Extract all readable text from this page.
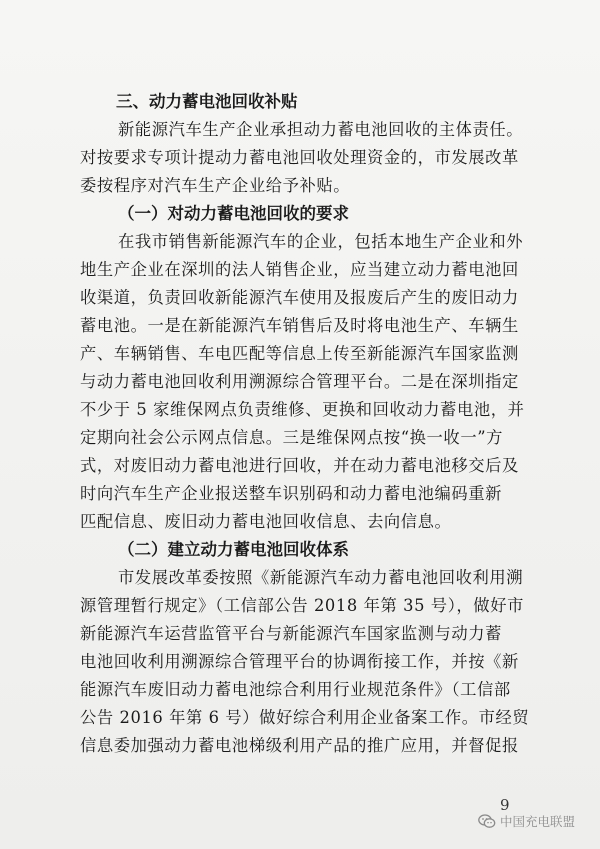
三、动力蓄电池回收补贴
新能源汽车生产企业承担动力蓄电池回收的主体责任。
对按要求专项计提动力蓄电池回收处理资金的，市发展改革
委按程序对汽车生产企业给予补贴。
（一）对动力蓄电池回收的要求
在我市销售新能源汽车的企业，包括本地生产企业和外
地生产企业在深圳的法人销售企业，应当建立动力蓄电池回
收渠道，负责回收新能源汽车使用及报废后产生的废旧动力
蓄电池。一是在新能源汽车销售后及时将电池生产、车辆生
产、车辆销售、车电匹配等信息上传至新能源汽车国家监测
与动力蓄电池回收利用溯源综合管理平台。二是在深圳指定
不少于 5 家维保网点负责维修、更换和回收动力蓄电池，并
定期向社会公示网点信息。三是维保网点按“换一收一”方
式，对废旧动力蓄电池进行回收，并在动力蓄电池移交后及
时向汽车生产企业报送整车识别码和动力蓄电池编码重新
匹配信息、废旧动力蓄电池回收信息、去向信息。
（二）建立动力蓄电池回收体系
市发展改革委按照《新能源汽车动力蓄电池回收利用溯
源管理暂行规定》（工信部公告 2018 年第 35 号），做好市
新能源汽车运营监管平台与新能源汽车国家监测与动力蓄
电池回收利用溯源综合管理平台的协调衔接工作，并按《新
能源汽车废旧动力蓄电池综合利用行业规范条件》（工信部
公告 2016 年第 6 号）做好综合利用企业备案工作。市经贸
信息委加强动力蓄电池梯级利用产品的推广应用，并督促报
9
中国充电联盟
